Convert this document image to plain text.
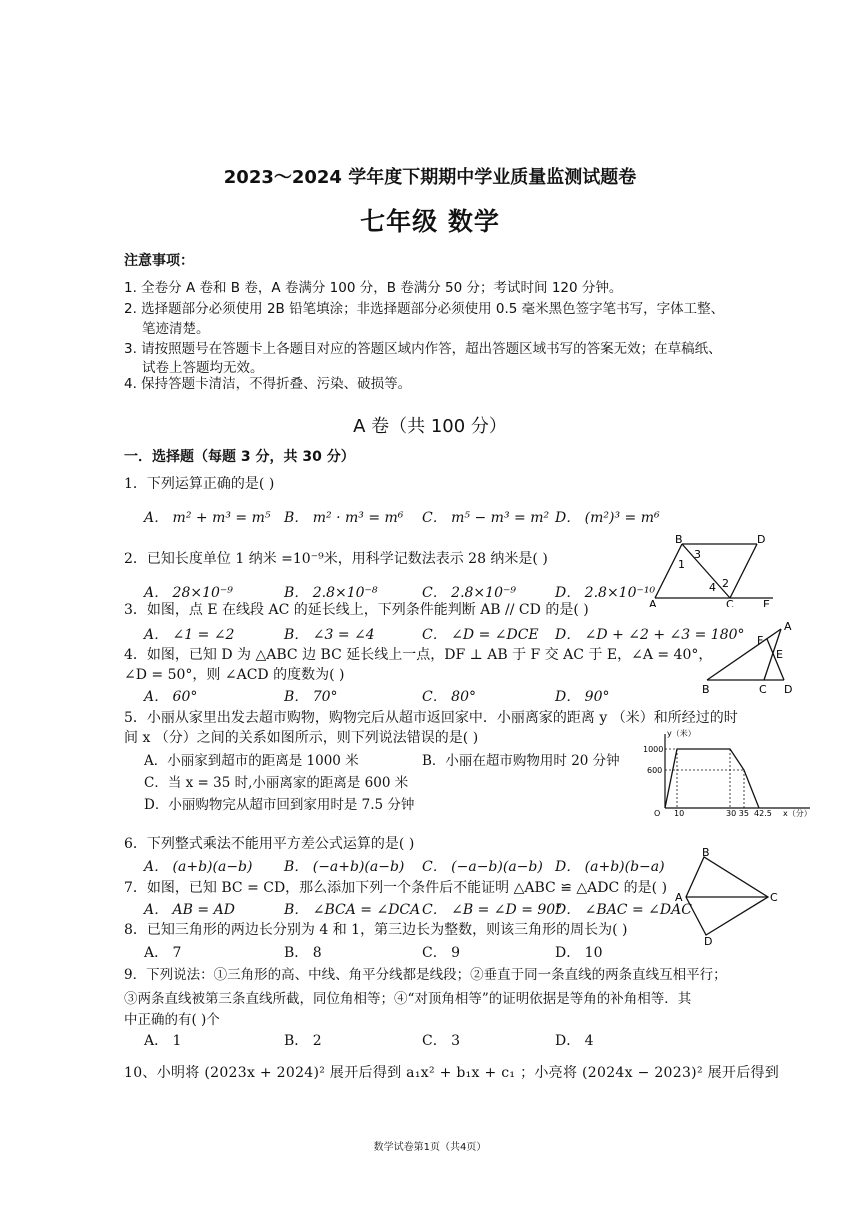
2023～2024 学年度下期期中学业质量监测试题卷
七年级 数学
注意事项：
1. 全卷分 A 卷和 B 卷，A 卷满分 100 分，B 卷满分 50 分；考试时间 120 分钟。
2. 选择题部分必须使用 2B 铅笔填涂；非选择题部分必须使用 0.5 毫米黑色签字笔书写，字体工整、
笔迹清楚。
3. 请按照题号在答题卡上各题目对应的答题区域内作答，超出答题区域书写的答案无效；在草稿纸、
试卷上答题均无效。
4. 保持答题卡清洁，不得折叠、污染、破损等。
A 卷（共 100 分）
一．选择题（每题 3 分，共 30 分）
1．下列运算正确的是( )
A． m² + m³ = m⁵ B． m² · m³ = m⁶ C． m⁵ − m³ = m² D． (m²)³ = m⁶
2．已知长度单位 1 纳米 =10⁻⁹米，用科学记数法表示 28 纳米是( )
A． 28×10⁻⁹	B． 2.8×10⁻⁸	C． 2.8×10⁻⁹	D． 2.8×10⁻¹⁰
3．如图，点 E 在线段 AC 的延长线上，下列条件能判断 AB // CD 的是( )
A． ∠1 = ∠2	B． ∠3 = ∠4	C． ∠D = ∠DCE D． ∠D + ∠2 + ∠3 = 180°
4．如图，已知 D 为 △ABC 边 BC 延长线上一点，DF ⊥ AB 于 F 交 AC 于 E，∠A = 40°，
∠D = 50°，则 ∠ACD 的度数为( )
A． 60°	B． 70°	C． 80°	D． 90°
5．小丽从家里出发去超市购物，购物完后从超市返回家中．小丽离家的距离 y （米）和所经过的时
间 x （分）之间的关系如图所示，则下列说法错误的是( )
A．小丽家到超市的距离是 1000 米	B．小丽在超市购物用时 20 分钟
C．当 x = 35 时,小丽离家的距离是 600 米
D．小丽购物完从超市回到家用时是 7.5 分钟
6．下列整式乘法不能用平方差公式运算的是( )
A． (a+b)(a−b) B． (−a+b)(a−b) C． (−a−b)(a−b) D． (a+b)(b−a)
7．如图，已知 BC = CD，那么添加下列一个条件后不能证明 △ABC ≌ △ADC 的是( )
A． AB = AD	B． ∠BCA = ∠DCA C． ∠B = ∠D = 90°
D． ∠BAC = ∠DAC
8．已知三角形的两边长分别为 4 和 1，第三边长为整数，则该三角形的周长为( )
A． 7	B． 8	C． 9	D． 10
9．下列说法：①三角形的高、中线、角平分线都是线段；②垂直于同一条直线的两条直线互相平行；
③两条直线被第三条直线所截，同位角相等；④“对顶角相等”的证明依据是等角的补角相等．其
中正确的有( )个
A． 1	B． 2	C． 3	D． 4
10、小明将 (2023x + 2024)² 展开后得到 a₁x² + b₁x + c₁ ；小亮将 (2024x − 2023)² 展开后得到
数学试卷第1页（共4页）
B	D
3
1
4 2
A	C	E
A
F
E
B	C D
y（米）
x（分）
1000
600
O 10	30 35 42.5
B
A	C
D
